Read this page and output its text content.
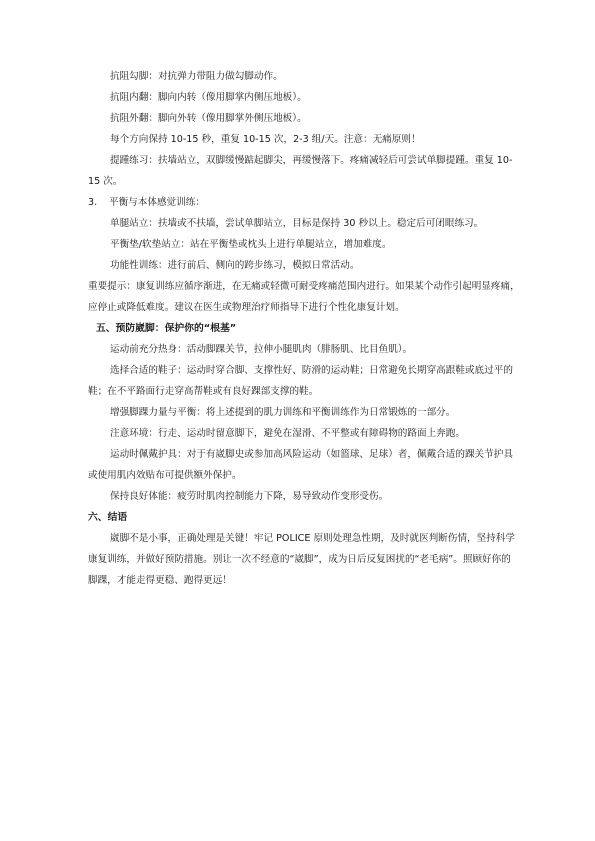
抗阻勾脚：对抗弹力带阻力做勾脚动作。

抗阻内翻：脚向内转（像用脚掌内侧压地板）。

抗阻外翻：脚向外转（像用脚掌外侧压地板）。

每个方向保持 10-15 秒，重复 10-15 次，2-3 组/天。注意：无痛原则！

提踵练习：扶墙站立，双脚缓慢踮起脚尖，再缓慢落下。疼痛减轻后可尝试单脚提踵。重复 10-15 次。

3.	平衡与本体感觉训练：

单腿站立：扶墙或不扶墙，尝试单脚站立，目标是保持 30 秒以上。稳定后可闭眼练习。

平衡垫/软垫站立：站在平衡垫或枕头上进行单腿站立，增加难度。

功能性训练：进行前后、侧向的跨步练习，模拟日常活动。

重要提示：康复训练应循序渐进，在无痛或轻微可耐受疼痛范围内进行。如果某个动作引起明显疼痛，应停止或降低难度。建议在医生或物理治疗师指导下进行个性化康复计划。

五、预防崴脚：保护你的“根基”

运动前充分热身：活动脚踝关节，拉伸小腿肌肉（腓肠肌、比目鱼肌）。

选择合适的鞋子：运动时穿合脚、支撑性好、防滑的运动鞋；日常避免长期穿高跟鞋或底过平的鞋；在不平路面行走穿高帮鞋或有良好踝部支撑的鞋。

增强脚踝力量与平衡：将上述提到的肌力训练和平衡训练作为日常锻炼的一部分。

注意环境：行走、运动时留意脚下，避免在湿滑、不平整或有障碍物的路面上奔跑。

运动时佩戴护具：对于有崴脚史或参加高风险运动（如篮球、足球）者，佩戴合适的踝关节护具或使用肌内效贴布可提供额外保护。

保持良好体能：疲劳时肌肉控制能力下降，易导致动作变形受伤。

六、结语

崴脚不是小事，正确处理是关键！牢记 POLICE 原则处理急性期，及时就医判断伤情，坚持科学康复训练，并做好预防措施。别让一次不经意的“崴脚”，成为日后反复困扰的“老毛病”。照顾好你的脚踝，才能走得更稳、跑得更远！
